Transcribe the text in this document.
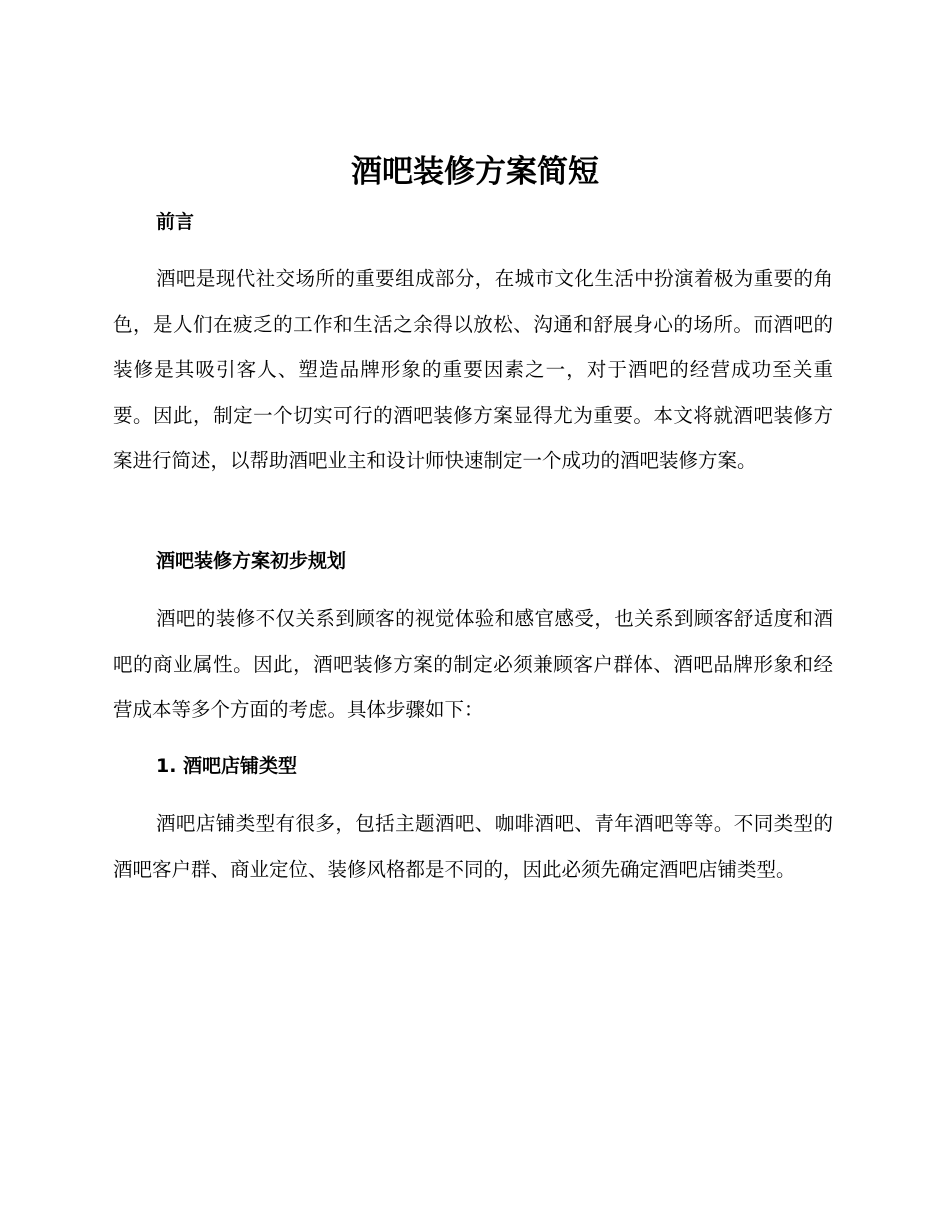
酒吧装修方案简短
前言

酒吧是现代社交场所的重要组成部分，在城市文化生活中扮演着极为重要的角色，是人们在疲乏的工作和生活之余得以放松、沟通和舒展身心的场所。而酒吧的装修是其吸引客人、塑造品牌形象的重要因素之一，对于酒吧的经营成功至关重要。因此，制定一个切实可行的酒吧装修方案显得尤为重要。本文将就酒吧装修方案进行简述，以帮助酒吧业主和设计师快速制定一个成功的酒吧装修方案。

酒吧装修方案初步规划

酒吧的装修不仅关系到顾客的视觉体验和感官感受，也关系到顾客舒适度和酒吧的商业属性。因此，酒吧装修方案的制定必须兼顾客户群体、酒吧品牌形象和经营成本等多个方面的考虑。具体步骤如下：

1. 酒吧店铺类型

酒吧店铺类型有很多，包括主题酒吧、咖啡酒吧、青年酒吧等等。不同类型的酒吧客户群、商业定位、装修风格都是不同的，因此必须先确定酒吧店铺类型。
